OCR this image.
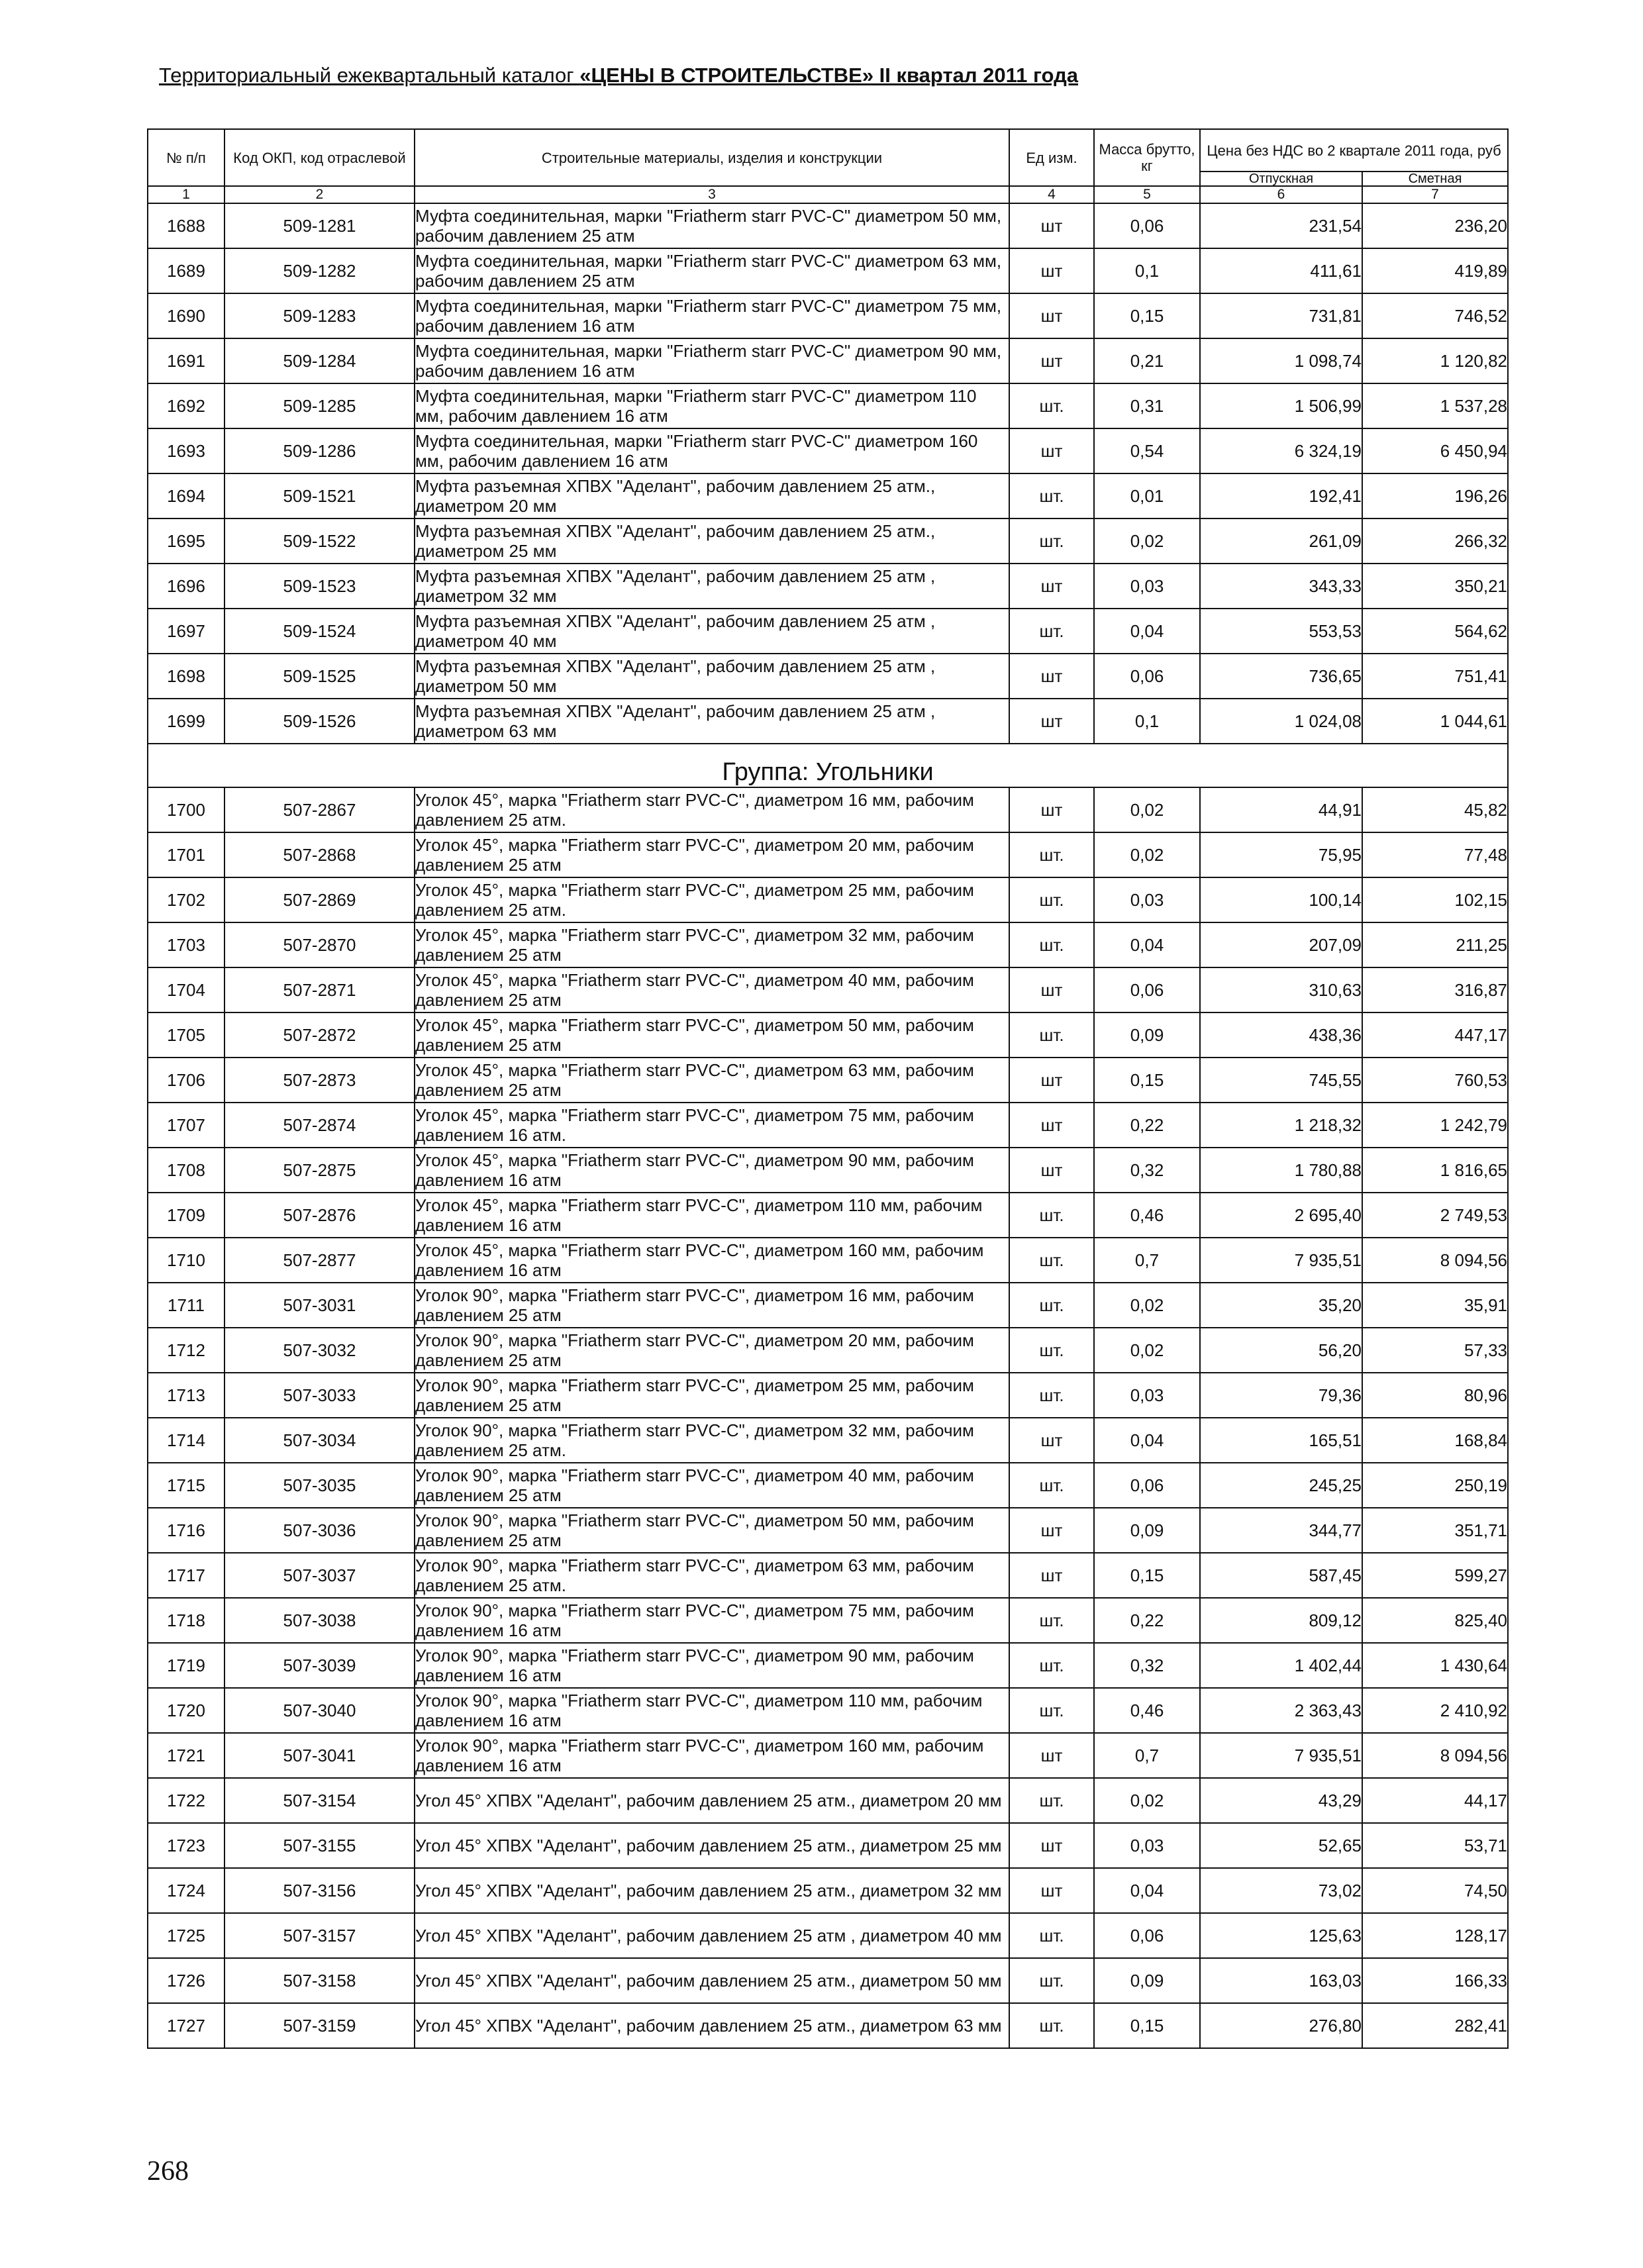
Территориальный ежеквартальный каталог «ЦЕНЫ В СТРОИТЕЛЬСТВЕ» II квартал 2011 года
№ п/п	Код ОКП, код отраслевой	Строительные материалы, изделия и конструкции	Ед изм.	Масса брутто, кг	Цена без НДС во 2 квартале 2011 года, руб	
					Отпускная	Сметная
1	2	3	4	5	6	7
1688	509-1281	Муфта соединительная, марки "Friatherm starr PVC-C" диаметром 50 мм, рабочим давлением 25 атм	шт	0,06	231,54	236,20
1689	509-1282	Муфта соединительная, марки "Friatherm starr PVC-C" диаметром 63 мм, рабочим давлением 25 атм	шт	0,1	411,61	419,89
1690	509-1283	Муфта соединительная, марки "Friatherm starr PVC-C" диаметром 75 мм, рабочим давлением 16 атм	шт	0,15	731,81	746,52
1691	509-1284	Муфта соединительная, марки "Friatherm starr PVC-C" диаметром 90 мм, рабочим давлением 16 атм	шт	0,21	1 098,74	1 120,82
1692	509-1285	Муфта соединительная, марки "Friatherm starr PVC-C" диаметром 110 мм, рабочим давлением 16 атм	шт.	0,31	1 506,99	1 537,28
1693	509-1286	Муфта соединительная, марки "Friatherm starr PVC-C" диаметром 160 мм, рабочим давлением 16 атм	шт	0,54	6 324,19	6 450,94
1694	509-1521	Муфта разъемная ХПВХ "Аделант", рабочим давлением 25 атм., диаметром 20 мм	шт.	0,01	192,41	196,26
1695	509-1522	Муфта разъемная ХПВХ "Аделант", рабочим давлением 25 атм., диаметром 25 мм	шт.	0,02	261,09	266,32
1696	509-1523	Муфта разъемная ХПВХ "Аделант", рабочим давлением 25 атм , диаметром 32 мм	шт	0,03	343,33	350,21
1697	509-1524	Муфта разъемная ХПВХ "Аделант", рабочим давлением 25 атм , диаметром 40 мм	шт.	0,04	553,53	564,62
1698	509-1525	Муфта разъемная ХПВХ "Аделант", рабочим давлением 25 атм , диаметром 50 мм	шт	0,06	736,65	751,41
1699	509-1526	Муфта разъемная ХПВХ "Аделант", рабочим давлением 25 атм , диаметром 63 мм	шт	0,1	1 024,08	1 044,61
Группа: Угольники						
1700	507-2867	Уголок 45°, марка "Friatherm starr PVC-C", диаметром 16 мм, рабочим давлением 25 атм.	шт	0,02	44,91	45,82
1701	507-2868	Уголок 45°, марка "Friatherm starr PVC-C", диаметром 20 мм, рабочим давлением 25 атм	шт.	0,02	75,95	77,48
1702	507-2869	Уголок 45°, марка "Friatherm starr PVC-C", диаметром 25 мм, рабочим давлением 25 атм.	шт.	0,03	100,14	102,15
1703	507-2870	Уголок 45°, марка "Friatherm starr PVC-C", диаметром 32 мм, рабочим давлением 25 атм	шт.	0,04	207,09	211,25
1704	507-2871	Уголок 45°, марка "Friatherm starr PVC-C", диаметром 40 мм, рабочим давлением 25 атм	шт	0,06	310,63	316,87
1705	507-2872	Уголок 45°, марка "Friatherm starr PVC-C", диаметром 50 мм, рабочим давлением 25 атм	шт.	0,09	438,36	447,17
1706	507-2873	Уголок 45°, марка "Friatherm starr PVC-C", диаметром 63 мм, рабочим давлением 25 атм	шт	0,15	745,55	760,53
1707	507-2874	Уголок 45°, марка "Friatherm starr PVC-C", диаметром 75 мм, рабочим давлением 16 атм.	шт	0,22	1 218,32	1 242,79
1708	507-2875	Уголок 45°, марка "Friatherm starr PVC-C", диаметром 90 мм, рабочим давлением 16 атм	шт	0,32	1 780,88	1 816,65
1709	507-2876	Уголок 45°, марка "Friatherm starr PVC-C", диаметром 110 мм, рабочим давлением 16 атм	шт.	0,46	2 695,40	2 749,53
1710	507-2877	Уголок 45°, марка "Friatherm starr PVC-C", диаметром 160 мм, рабочим давлением 16 атм	шт.	0,7	7 935,51	8 094,56
1711	507-3031	Уголок 90°, марка "Friatherm starr PVC-C", диаметром 16 мм, рабочим давлением 25 атм	шт.	0,02	35,20	35,91
1712	507-3032	Уголок 90°, марка "Friatherm starr PVC-C", диаметром 20 мм, рабочим давлением 25 атм	шт.	0,02	56,20	57,33
1713	507-3033	Уголок 90°, марка "Friatherm starr PVC-C", диаметром 25 мм, рабочим давлением 25 атм	шт.	0,03	79,36	80,96
1714	507-3034	Уголок 90°, марка "Friatherm starr PVC-C", диаметром 32 мм, рабочим давлением 25 атм.	шт	0,04	165,51	168,84
1715	507-3035	Уголок 90°, марка "Friatherm starr PVC-C", диаметром 40 мм, рабочим давлением 25 атм	шт.	0,06	245,25	250,19
1716	507-3036	Уголок 90°, марка "Friatherm starr PVC-C", диаметром 50 мм, рабочим давлением 25 атм	шт	0,09	344,77	351,71
1717	507-3037	Уголок 90°, марка "Friatherm starr PVC-C", диаметром 63 мм, рабочим давлением 25 атм.	шт	0,15	587,45	599,27
1718	507-3038	Уголок 90°, марка "Friatherm starr PVC-C", диаметром 75 мм, рабочим давлением 16 атм	шт.	0,22	809,12	825,40
1719	507-3039	Уголок 90°, марка "Friatherm starr PVC-C", диаметром 90 мм, рабочим давлением 16 атм	шт.	0,32	1 402,44	1 430,64
1720	507-3040	Уголок 90°, марка "Friatherm starr PVC-C", диаметром 110 мм, рабочим давлением 16 атм	шт.	0,46	2 363,43	2 410,92
1721	507-3041	Уголок 90°, марка "Friatherm starr PVC-C", диаметром 160 мм, рабочим давлением 16 атм	шт	0,7	7 935,51	8 094,56
1722	507-3154	Угол 45° ХПВХ "Аделант", рабочим давлением 25 атм., диаметром 20 мм	шт.	0,02	43,29	44,17
1723	507-3155	Угол 45° ХПВХ "Аделант", рабочим давлением 25 атм., диаметром 25 мм	шт	0,03	52,65	53,71
1724	507-3156	Угол 45° ХПВХ "Аделант", рабочим давлением 25 атм., диаметром 32 мм	шт	0,04	73,02	74,50
1725	507-3157	Угол 45° ХПВХ "Аделант", рабочим давлением 25 атм , диаметром 40 мм	шт.	0,06	125,63	128,17
1726	507-3158	Угол 45° ХПВХ "Аделант", рабочим давлением 25 атм., диаметром 50 мм	шт.	0,09	163,03	166,33
1727	507-3159	Угол 45° ХПВХ "Аделант", рабочим давлением 25 атм., диаметром 63 мм	шт.	0,15	276,80	282,41
268
